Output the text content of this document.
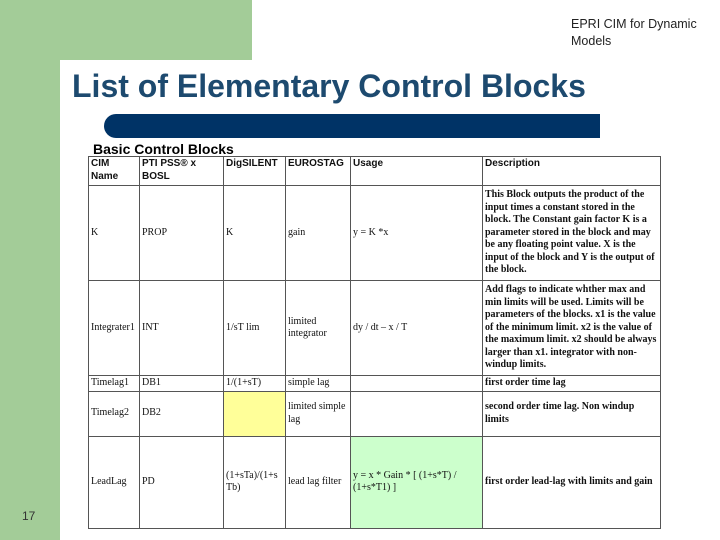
EPRI CIM for Dynamic Models
List of Elementary Control Blocks
Basic Control Blocks
CIM Name	PTI PSS® x BOSL	DigSILENT	EUROSTAG	Usage	Description
K	PROP	K	gain	y = K *x	This Block outputs the product of the input times a constant stored in the block. The Constant gain factor K is a parameter stored in the block and may be any floating point value. X is the input of the block and Y is the output of the block.
Integrater1	INT	1/sT lim	limited integrator	dy / dt – x / T	Add flags to indicate whther max and min limits will be used. Limits will be parameters of the blocks. x1 is the value of the minimum limit. x2 is the value of the maximum limit. x2 should be always larger than x1. integrator with non-windup limits.
Timelag1	DB1	1/(1+sT)	simple lag		first order time lag
Timelag2	DB2		limited simple lag		second order time lag. Non windup limits
LeadLag	PD	(1+sTa)/(1+s Tb)	lead lag filter	y = x * Gain * [ (1+s*T) / (1+s*T1) ]	first order lead-lag with limits and gain
17
